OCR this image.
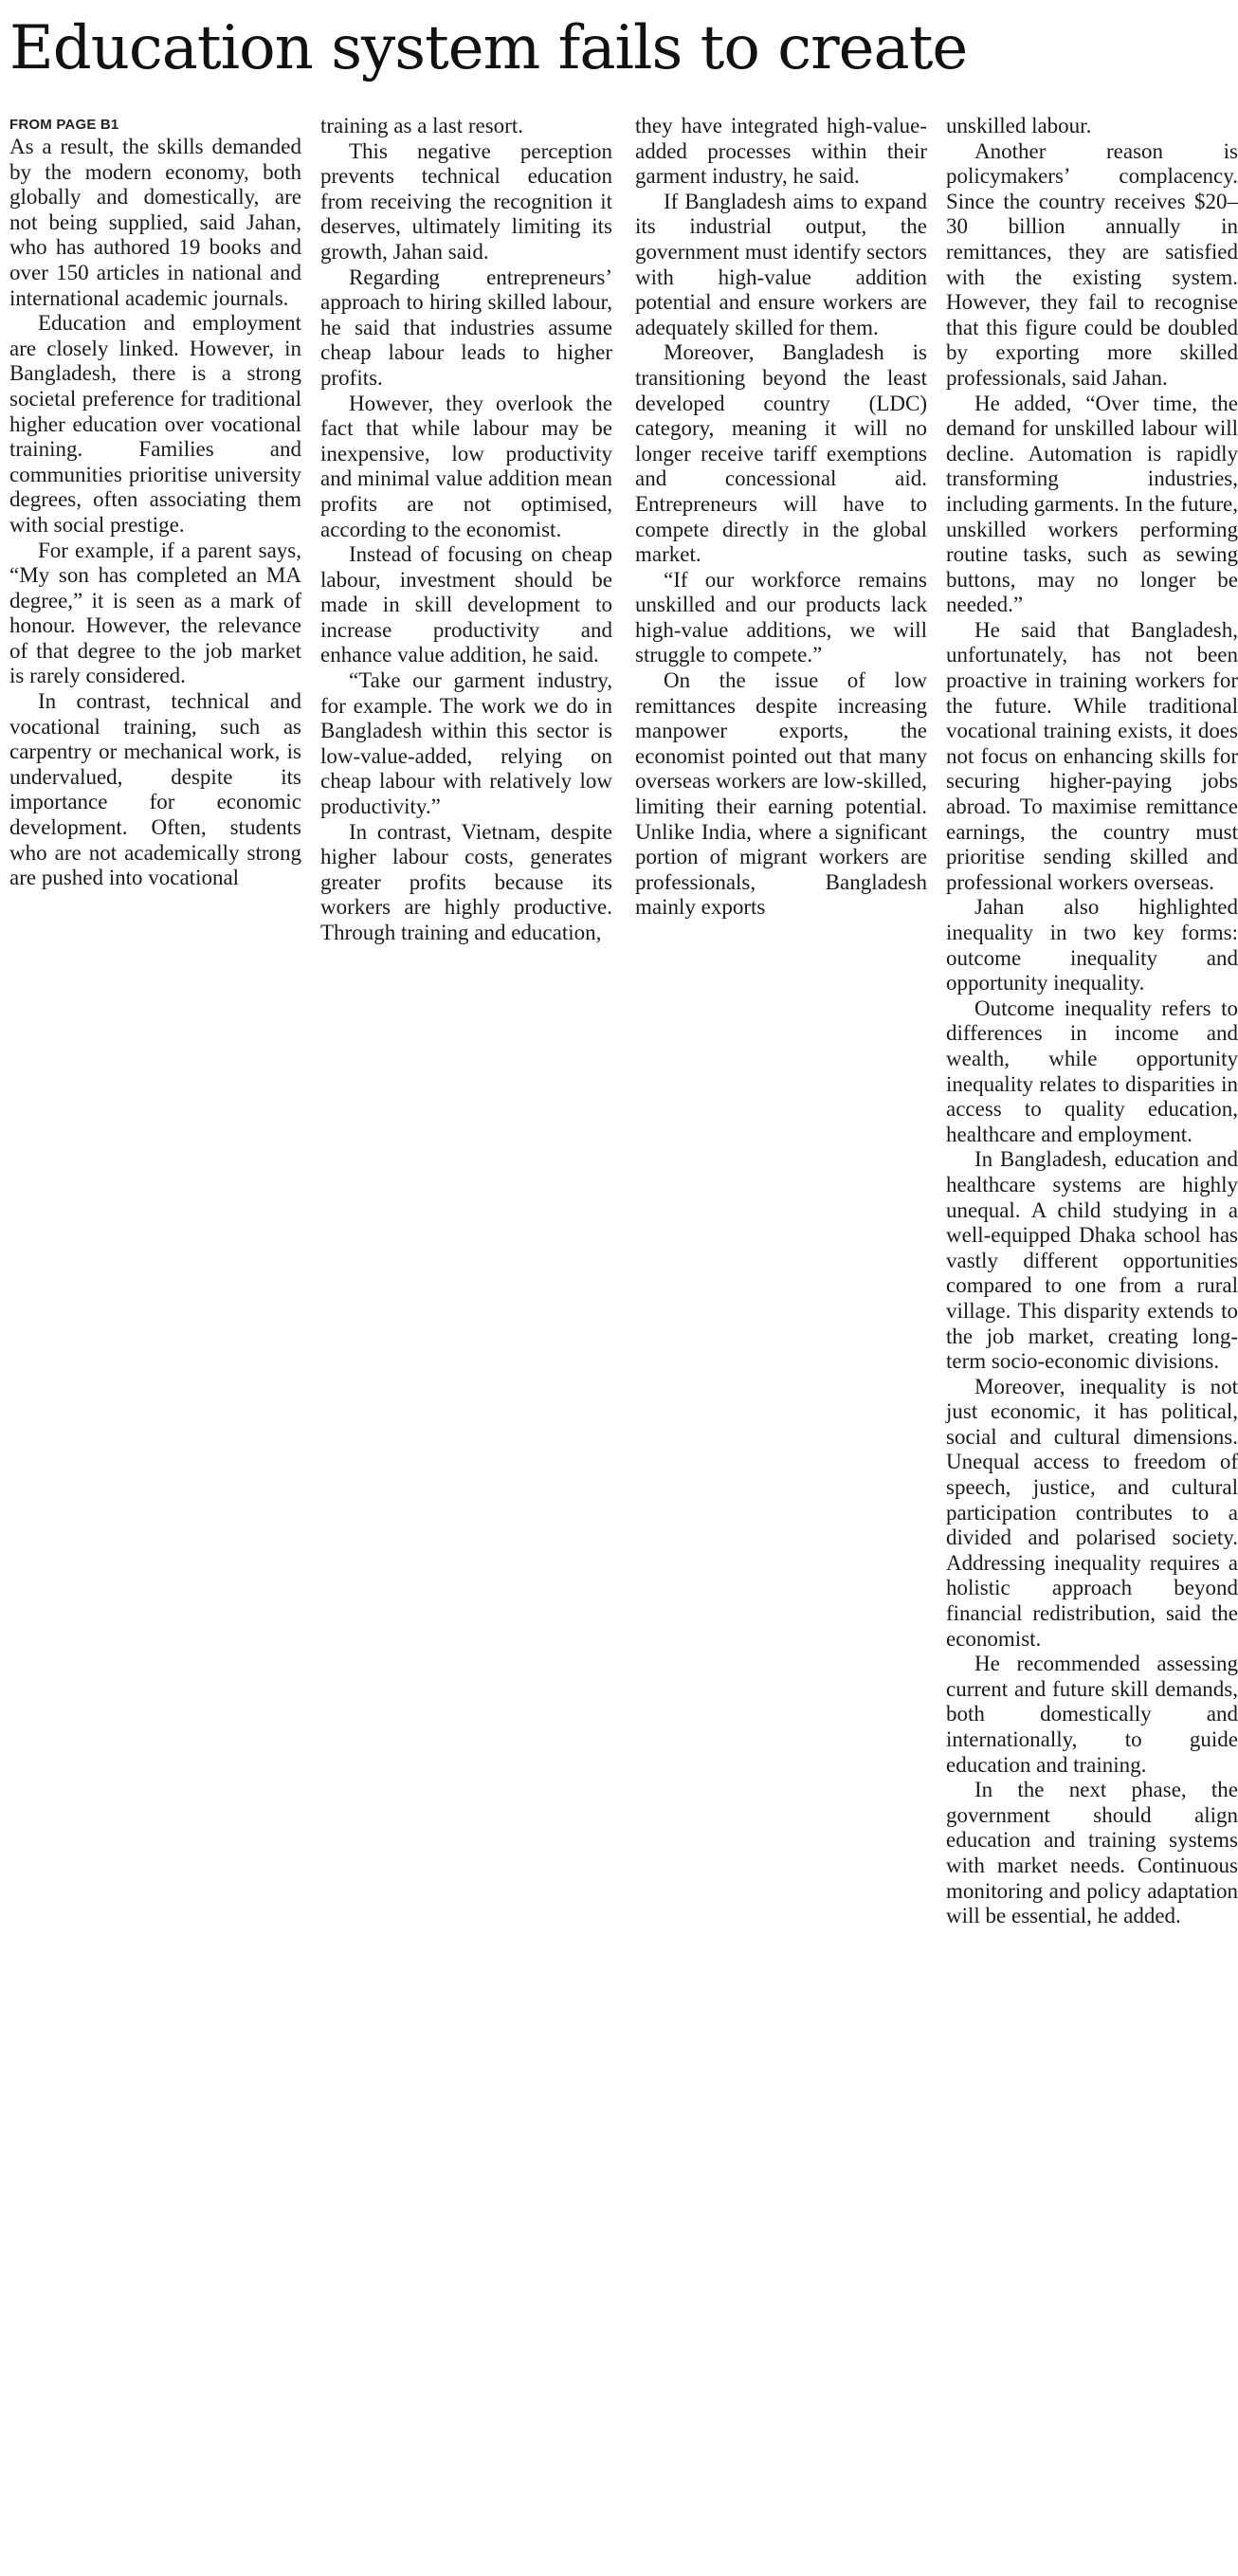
Education system fails to create
FROM PAGE B1

As a result, the skills demanded by the modern economy, both globally and domestically, are not being supplied, said Jahan, who has authored 19 books and over 150 articles in national and international academic journals.

Education and employment are closely linked. However, in Bangladesh, there is a strong societal preference for traditional higher education over vocational training. Families and communities prioritise university degrees, often associating them with social prestige.

For example, if a parent says, “My son has completed an MA degree,” it is seen as a mark of honour. However, the relevance of that degree to the job market is rarely considered.

In contrast, technical and vocational training, such as carpentry or mechanical work, is undervalued, despite its importance for economic development. Often, students who are not academically strong are pushed into vocational

training as a last resort.

This negative perception prevents technical education from receiving the recognition it deserves, ultimately limiting its growth, Jahan said.

Regarding entrepreneurs’ approach to hiring skilled labour, he said that industries assume cheap labour leads to higher profits.

However, they overlook the fact that while labour may be inexpensive, low productivity and minimal value addition mean profits are not optimised, according to the economist.

Instead of focusing on cheap labour, investment should be made in skill development to increase productivity and enhance value addition, he said.

“Take our garment industry, for example. The work we do in Bangladesh within this sector is low-value-added, relying on cheap labour with relatively low productivity.”

In contrast, Vietnam, despite higher labour costs, generates greater profits because its workers are highly productive. Through training and education,

they have integrated high-value-added processes within their garment industry, he said.

If Bangladesh aims to expand its industrial output, the government must identify sectors with high-value addition potential and ensure workers are adequately skilled for them.

Moreover, Bangladesh is transitioning beyond the least developed country (LDC) category, meaning it will no longer receive tariff exemptions and concessional aid. Entrepreneurs will have to compete directly in the global market.

“If our workforce remains unskilled and our products lack high-value additions, we will struggle to compete.”

On the issue of low remittances despite increasing manpower exports, the economist pointed out that many overseas workers are low-skilled, limiting their earning potential. Unlike India, where a significant portion of migrant workers are professionals, Bangladesh mainly exports

unskilled labour.

Another reason is policymakers’ complacency. Since the country receives $20–30 billion annually in remittances, they are satisfied with the existing system. However, they fail to recognise that this figure could be doubled by exporting more skilled professionals, said Jahan.

He added, “Over time, the demand for unskilled labour will decline. Automation is rapidly transforming industries, including garments. In the future, unskilled workers performing routine tasks, such as sewing buttons, may no longer be needed.”

He said that Bangladesh, unfortunately, has not been proactive in training workers for the future. While traditional vocational training exists, it does not focus on enhancing skills for securing higher-paying jobs abroad. To maximise remittance earnings, the country must prioritise sending skilled and professional workers overseas.

Jahan also highlighted inequality in two key forms: outcome inequality and opportunity inequality.

Outcome inequality refers to differences in income and wealth, while opportunity inequality relates to disparities in access to quality education, healthcare and employment.

In Bangladesh, education and healthcare systems are highly unequal. A child studying in a well-equipped Dhaka school has vastly different opportunities compared to one from a rural village. This disparity extends to the job market, creating long-term socio-economic divisions.

Moreover, inequality is not just economic, it has political, social and cultural dimensions. Unequal access to freedom of speech, justice, and cultural participation contributes to a divided and polarised society. Addressing inequality requires a holistic approach beyond financial redistribution, said the economist.

He recommended assessing current and future skill demands, both domestically and internationally, to guide education and training.

In the next phase, the government should align education and training systems with market needs. Continuous monitoring and policy adaptation will be essential, he added.
